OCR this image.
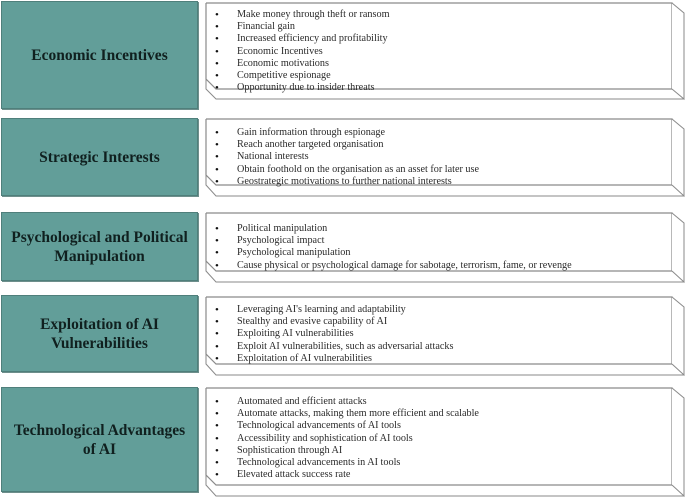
Economic Incentives
• Make money through theft or ransom
• Financial gain
• Increased efficiency and profitability
• Economic Incentives
• Economic motivations
• Competitive espionage
• Opportunity due to insider threats
Strategic Interests
• Gain information through espionage
• Reach another targeted organisation
• National interests
• Obtain foothold on the organisation as an asset for later use
• Geostrategic motivations to further national interests
Psychological and Political Manipulation
• Political manipulation
• Psychological impact
• Psychological manipulation
• Cause physical or psychological damage for sabotage, terrorism, fame, or revenge
Exploitation of AI Vulnerabilities
• Leveraging AI's learning and adaptability
• Stealthy and evasive capability of AI
• Exploiting AI vulnerabilities
• Exploit AI vulnerabilities, such as adversarial attacks
• Exploitation of AI vulnerabilities
Technological Advantages of AI
• Automated and efficient attacks
• Automate attacks, making them more efficient and scalable
• Technological advancements of AI tools
• Accessibility and sophistication of AI tools
• Sophistication through AI
• Technological advancements in AI tools
• Elevated attack success rate
